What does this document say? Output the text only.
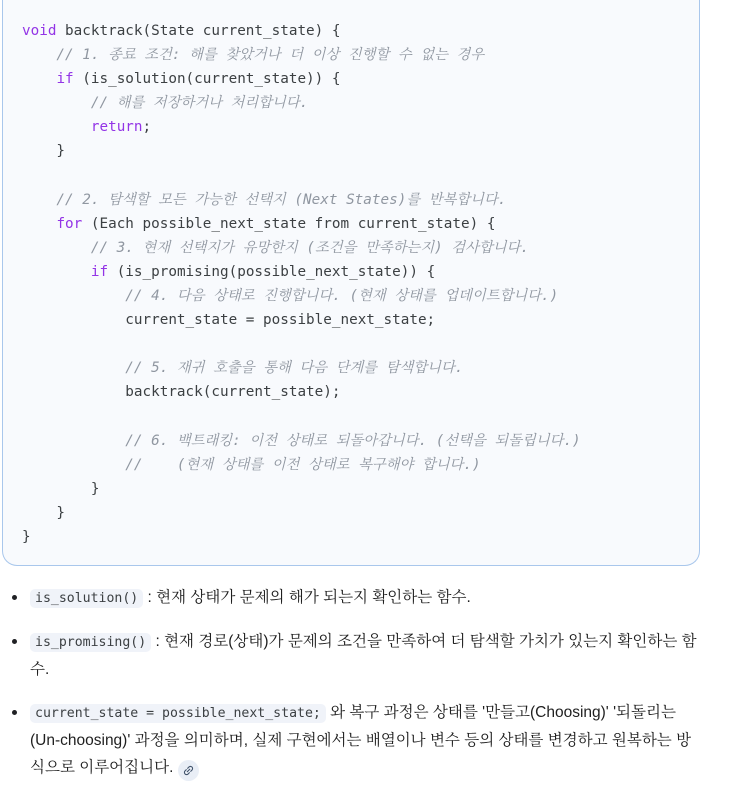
void backtrack(State current_state) {
// 1. 종료 조건: 해를 찾았거나 더 이상 진행할 수 없는 경우
if (is_solution(current_state)) {
// 해를 저장하거나 처리합니다.
return;
}
// 2. 탐색할 모든 가능한 선택지 (Next States)를 반복합니다.
for (Each possible_next_state from current_state) {
// 3. 현재 선택지가 유망한지 (조건을 만족하는지) 검사합니다.
if (is_promising(possible_next_state)) {
// 4. 다음 상태로 진행합니다. (현재 상태를 업데이트합니다.)
current_state = possible_next_state;
// 5. 재귀 호출을 통해 다음 단계를 탐색합니다.
backtrack(current_state);
// 6. 백트래킹: 이전 상태로 되돌아갑니다. (선택을 되돌립니다.)
//    (현재 상태를 이전 상태로 복구해야 합니다.)
}
}
}
is_solution() : 현재 상태가 문제의 해가 되는지 확인하는 함수.
is_promising() : 현재 경로(상태)가 문제의 조건을 만족하여 더 탐색할 가치가 있는지 확인하는 함수.
current_state = possible_next_state; 와 복구 과정은 상태를 '만들고(Choosing)' '되돌리는(Un-choosing)' 과정을 의미하며, 실제 구현에서는 배열이나 변수 등의 상태를 변경하고 원복하는 방식으로 이루어집니다.
